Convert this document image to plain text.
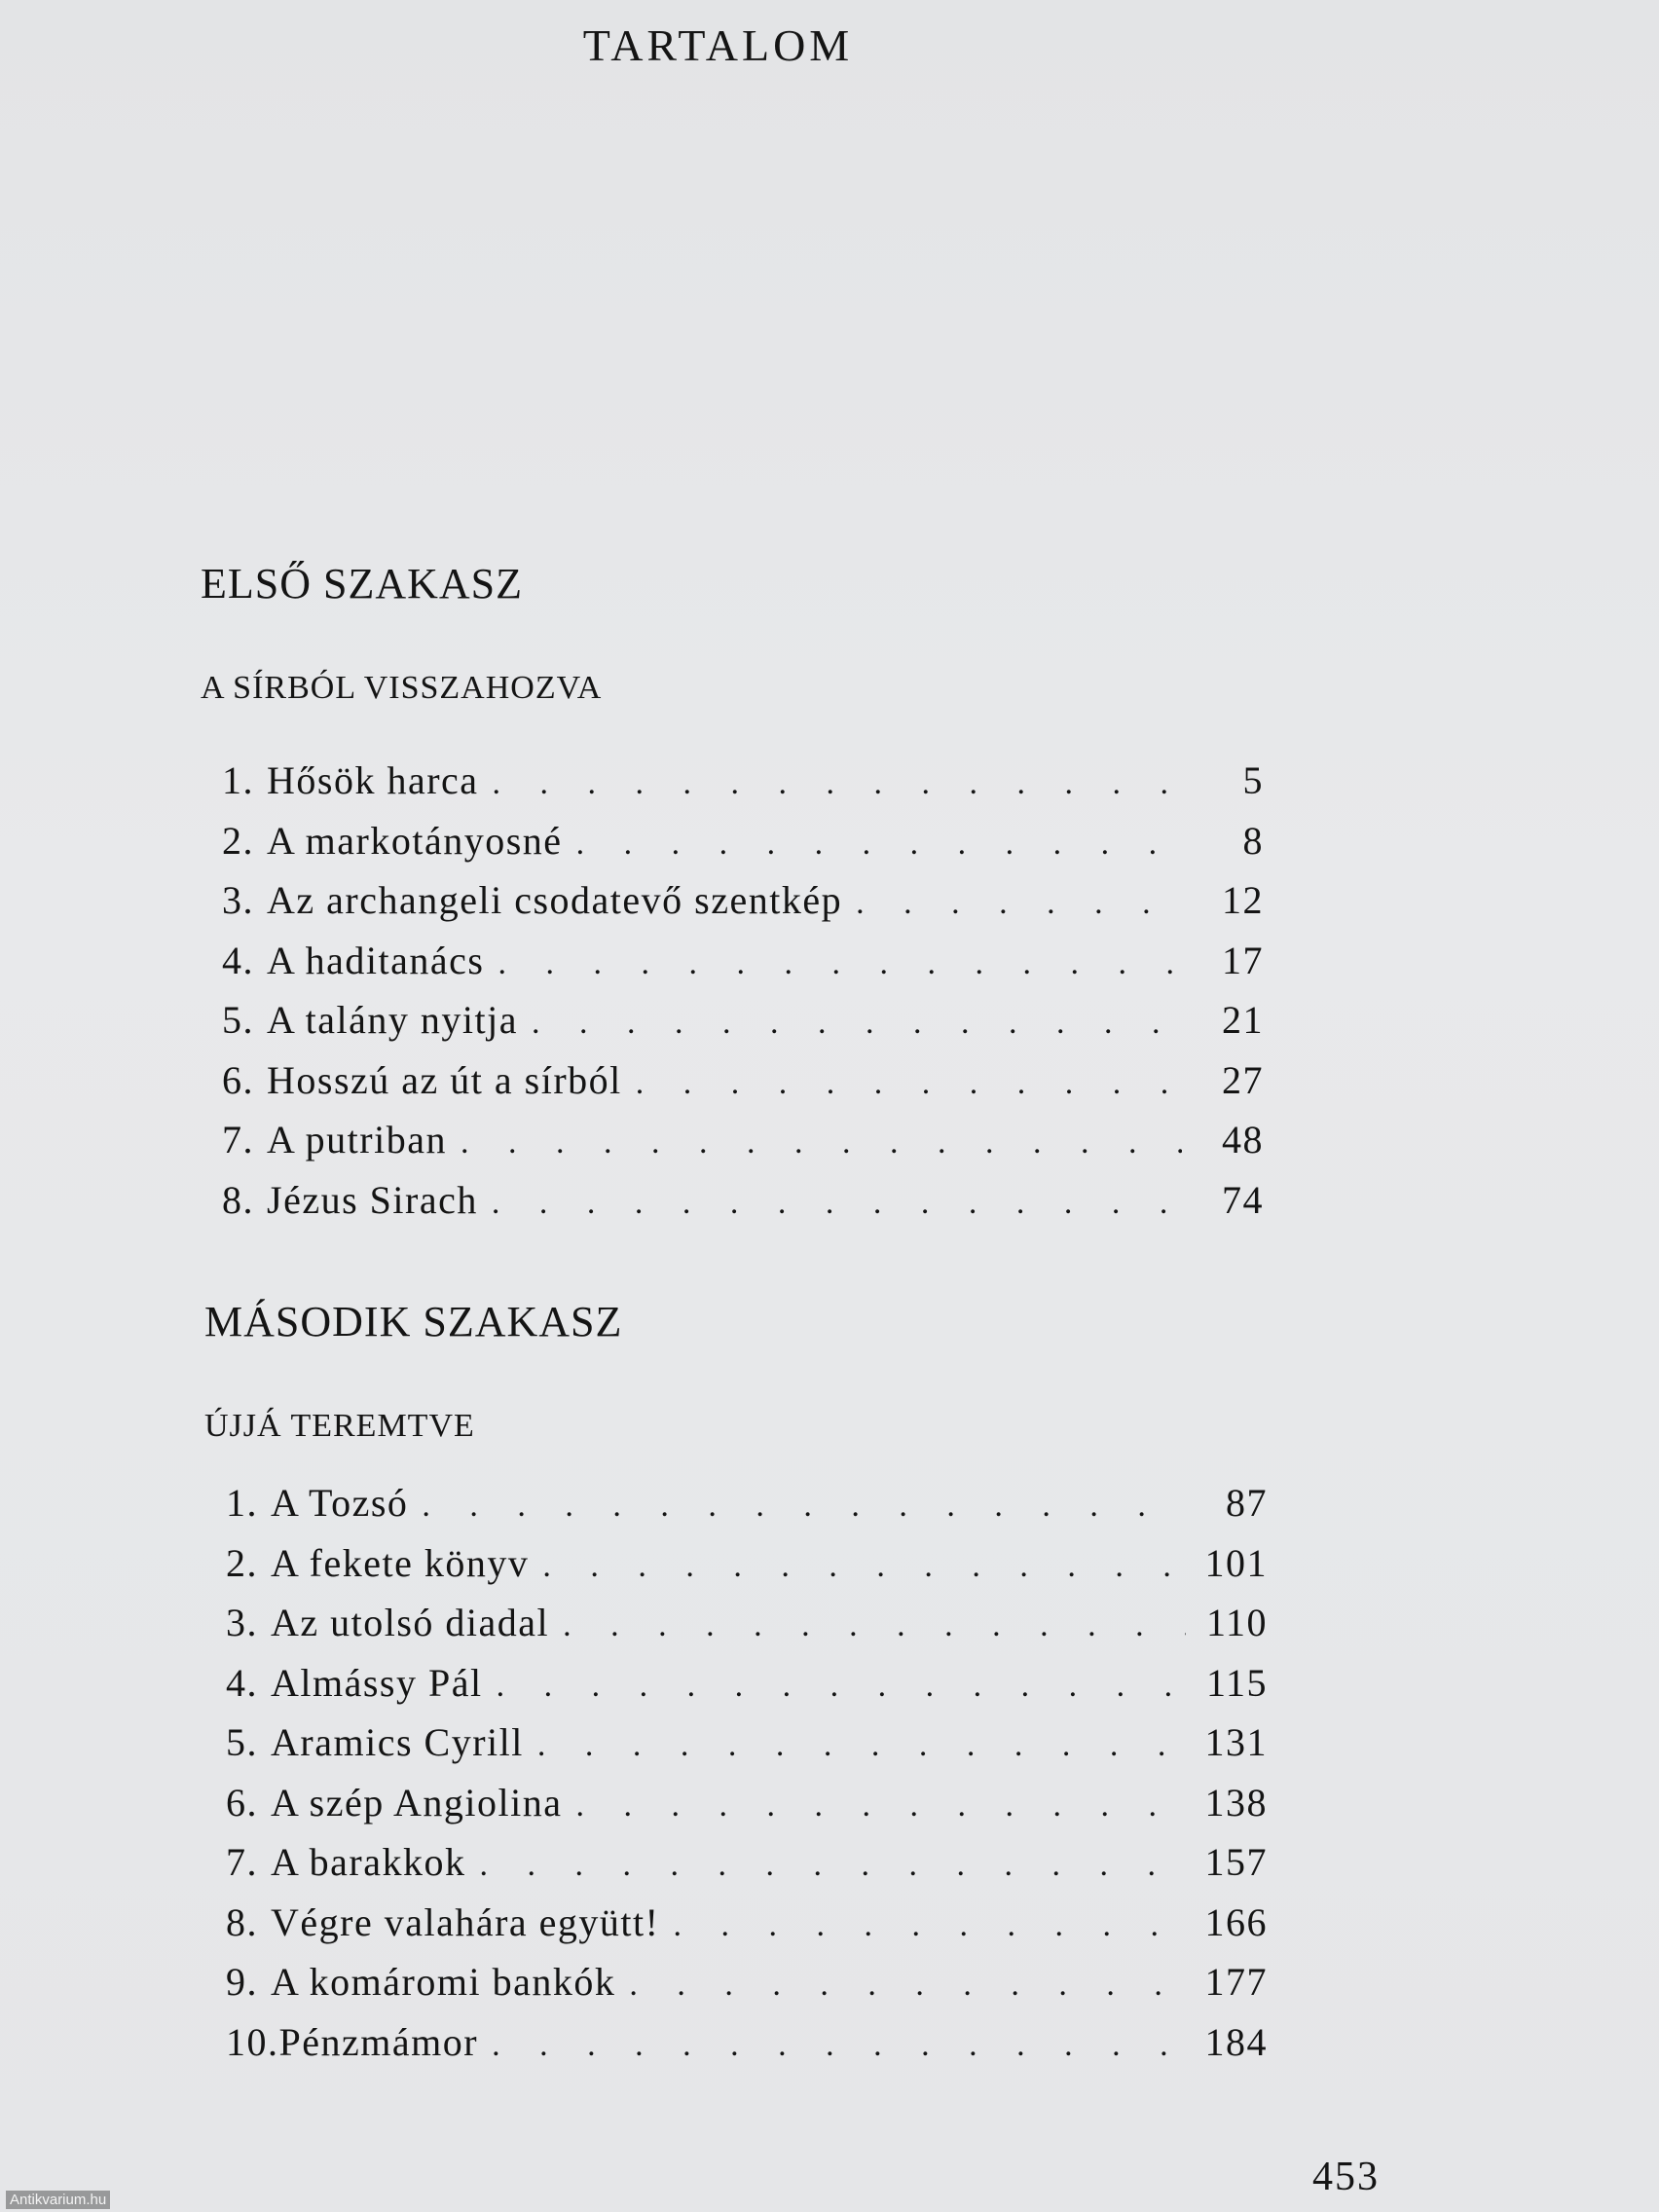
TARTALOM
ELSŐ SZAKASZ
A SÍRBÓL VISSZAHOZVA
1. Hősök harca . . .	5
2. A markotányosné . . .	8
3. Az archangeli csodatevő szentkép . . .	12
4. A haditanács . . .	17
5. A talány nyitja . . .	21
6. Hosszú az út a sírból . . .	27
7. A putriban . . .	48
8. Jézus Sirach . . .	74
MÁSODIK SZAKASZ
ÚJJÁ TEREMTVE
1. A Tozsó . . .	87
2. A fekete könyv . . .	101
3. Az utolsó diadal . . .	110
4. Almássy Pál . . .	115
5. Aramics Cyrill . . .	131
6. A szép Angiolina . . .	138
7. A barakkok . . .	157
8. Végre valahára együtt! . . .	166
9. A komáromi bankók . . .	177
10. Pénzmámor . . .	184
453
Antikvarium.hu
